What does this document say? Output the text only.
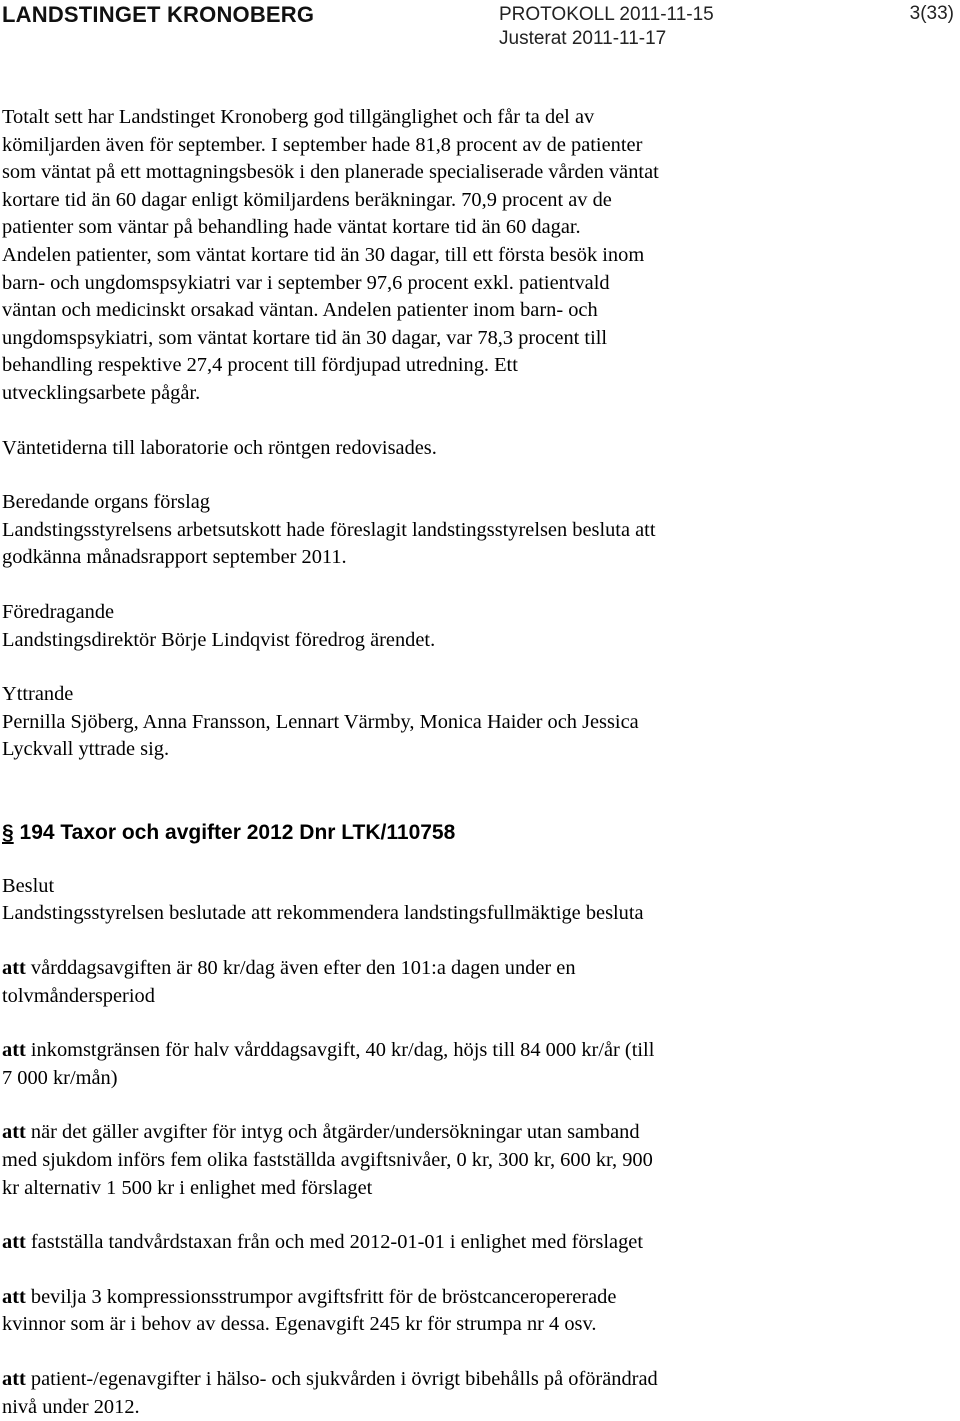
LANDSTINGET KRONOBERG	PROTOKOLL 2011-11-15
Justerat 2011-11-17
3(33)

Totalt sett har Landstinget Kronoberg god tillgänglighet och får ta del av

kömiljarden även för september. I september hade 81,8 procent av de patienter

som väntat på ett mottagningsbesök i den planerade specialiserade vården väntat

kortare tid än 60 dagar enligt kömiljardens beräkningar. 70,9 procent av de

patienter som väntar på behandling hade väntat kortare tid än 60 dagar.

Andelen patienter, som väntat kortare tid än 30 dagar, till ett första besök inom

barn- och ungdomspsykiatri var i september 97,6 procent exkl. patientvald

väntan och medicinskt orsakad väntan. Andelen patienter inom barn- och

ungdomspsykiatri, som väntat kortare tid än 30 dagar, var 78,3 procent till

behandling respektive 27,4 procent till fördjupad utredning. Ett

utvecklingsarbete pågår.

Väntetiderna till laboratorie och röntgen redovisades.

Beredande organs förslag

Landstingsstyrelsens arbetsutskott hade föreslagit landstingsstyrelsen besluta att

godkänna månadsrapport september 2011.

Föredragande

Landstingsdirektör Börje Lindqvist föredrog ärendet.

Yttrande

Pernilla Sjöberg, Anna Fransson, Lennart Värmby, Monica Haider och Jessica

Lyckvall yttrade sig.

§ 194 Taxor och avgifter 2012 Dnr LTK/110758

Beslut

Landstingsstyrelsen beslutade att rekommendera landstingsfullmäktige besluta

att vårddagsavgiften är 80 kr/dag även efter den 101:a dagen under en

tolvmåndersperiod

att inkomstgränsen för halv vårddagsavgift, 40 kr/dag, höjs till 84 000 kr/år (till

7 000 kr/mån)

att när det gäller avgifter för intyg och åtgärder/undersökningar utan samband

med sjukdom införs fem olika fastställda avgiftsnivåer, 0 kr, 300 kr, 600 kr, 900

kr alternativ 1 500 kr i enlighet med förslaget

att fastställa tandvårdstaxan från och med 2012-01-01 i enlighet med förslaget

att bevilja 3 kompressionsstrumpor avgiftsfritt för de bröstcanceropererade

kvinnor som är i behov av dessa. Egenavgift 245 kr för strumpa nr 4 osv.

att patient-/egenavgifter i hälso- och sjukvården i övrigt bibehålls på oförändrad

nivå under 2012.
